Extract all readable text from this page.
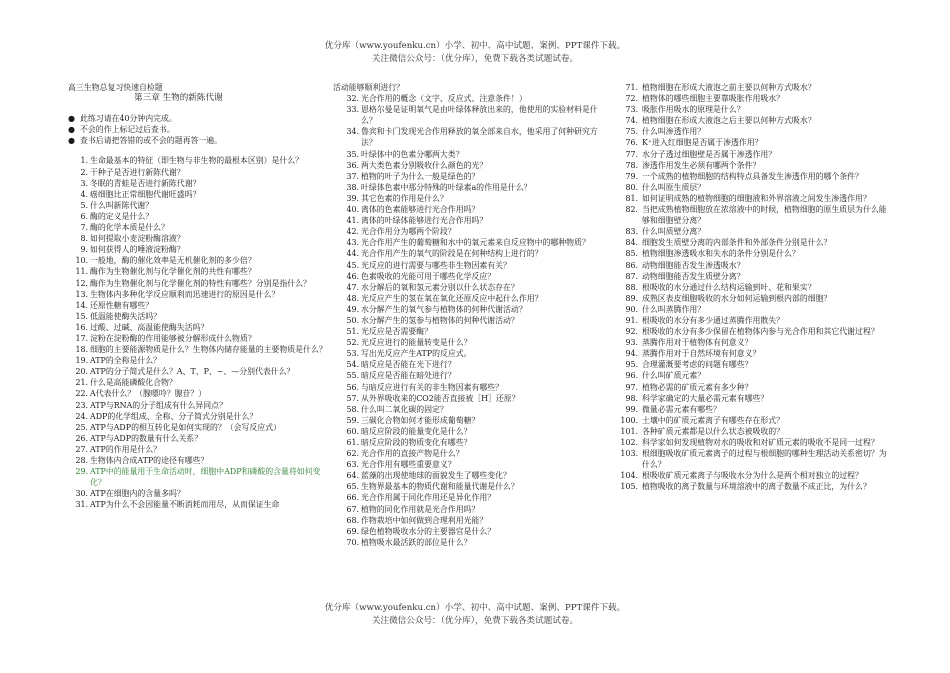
优分库（www.youfenku.cn）小学、初中、高中试题、案例、PPT课件下载。
关注微信公众号：（优分库），免费下载各类试题试卷。
高三生物总复习快速自检题
第三章 生物的新陈代谢
● 此练习请在40分钟内完成。
● 不会的作上标记过后查书。
● 查书后请把答错的或不会的题再答一遍。
1. 生命最基本的特征（即生物与非生物的最根本区别）是什么？
2. 干种子是否进行新陈代谢？
3. 冬眠的青蛙是否进行新陈代谢？
4. 癌细胞比正常细胞代谢旺盛吗？
5. 什么叫新陈代谢？
6. 酶的定义是什么？
7. 酶的化学本质是什么？
8. 如何提取小麦淀粉酶溶液？
9. 如何获得人的唾液淀粉酶？
10. 一般地，酶的催化效率是无机催化剂的多少倍？
11. 酶作为生物催化剂与化学催化剂的共性有哪些？
12. 酶作为生物催化剂与化学催化剂的特性有哪些？分别是指什么？
13. 生物体内多种化学反应顺利而迅速进行的原因是什么？
14. 还原性糖有哪些？
15. 低温能使酶失活吗？
16. 过酸、过碱、高温能使酶失活吗？
17. 淀粉在淀粉酶的作用能够被分解形成什么物质？
18. 细胞的主要能源物质是什么？生物体内储存能量的主要物质是什么？
19. ATP的全称是什么？
20. ATP的分子简式是什么？A、T、P、~、—分别代表什么？
21. 什么是高能磷酸化合物？
22. A代表什么？（腺嘌呤？腺苷？）
23. ATP与RNA的分子组成有什么异同点？
24. ADP的化学组成、全称、分子简式分别是什么？
25. ATP与ADP的相互转化是如何实现的？（会写反应式）
26. ATP与ADP的数量有什么关系？
27. ATP的作用是什么？
28. 生物体内合成ATP的途径有哪些？
29. ATP中的能量用于生命活动时，细胞中ADP和磷酸的含量将如何变化？
30. ATP在细胞内的含量多吗？
31. ATP为什么不会因能量不断消耗而用尽，从而保证生命
活动能够顺利进行？
32. 光合作用的概念（文字、反应式、注意条件！）
33. 恩格尔曼是证明氧气是由叶绿体释放出来的，他使用的实验材料是什么？
34. 鲁宾和卡门发现光合作用释放的氧全部来自水，他采用了何种研究方法？
35. 叶绿体中的色素分哪两大类？
36. 两大类色素分别吸收什么颜色的光？
37. 植物的叶子为什么一般是绿色的？
38. 叶绿体色素中那分特殊的叶绿素a的作用是什么？
39. 其它色素的作用是什么？
40. 离体的色素能够进行光合作用吗？
41. 离体的叶绿体能够进行光合作用吗？
42. 光合作用分为哪两个阶段？
43. 光合作用产生的葡萄糖和水中的氧元素来自反应物中的哪种物质？
44. 光合作用产生的氧气的阶段是在何种结构上进行的？
45. 光反应的进行需要与哪些非生物因素有关？
46. 色素吸收的光能可用于哪些化学反应？
47. 水分解后的氧和氢元素分别以什么状态存在？
48. 光反应产生的氢在氧在氧化还原反应中起什么作用？
49. 水分解产生的氧气参与植物体的何种代谢活动？
50. 水分解产生的氢参与植物体的何种代谢活动？
51. 光反应是否需要酶？
52. 光反应进行的能量转变是什么？
53. 写出光反应产生ATP的反应式。
54. 暗反应是否能在光下进行？
55. 暗反应是否能在暗处进行？
56. 与暗反应进行有关的非生物因素有哪些？
57. 从外界吸收来的CO2能否直接被［H］还原？
58. 什么叫二氧化碳的固定？
59. 三碳化合物如何才能形成葡萄糖？
60. 暗反应阶段的能量变化是什么？
61. 暗反应阶段的物质变化有哪些？
62. 光合作用的直接产物是什么？
63. 光合作用有哪些重要意义？
64. 蓝藻的出现使地球的面貌发生了哪些变化？
65. 生物界最基本的物质代谢和能量代谢是什么？
66. 光合作用属于同化作用还是异化作用？
67. 植物的同化作用就是光合作用吗？
68. 作物栽培中如何做到合理利用光能？
69. 绿色植物吸收水分的主要器官是什么？
70. 植物吸水最活跃的部位是什么？
71. 植物细胞在形成大液泡之前主要以何种方式吸水？
72. 植物体的哪些细胞主要靠吸胀作用吸水？
73. 吸胀作用吸水的原理是什么？
74. 植物细胞在形成大液泡之后主要以何种方式吸水？
75. 什么叫渗透作用？
76. K⁺进入红细胞是否属于渗透作用？
77. 水分子透过细胞壁是否属于渗透作用？
78. 渗透作用发生必须有哪两个条件？
79. 一个成熟的植物细胞的结构特点具备发生渗透作用的哪个条件？
80. 什么叫原生质层？
81. 如何证明成熟的植物细胞的细胞液和外界溶液之间发生渗透作用？
82. 当把成熟植物细胞放在浓溶液中的时候，植物细胞的原生质层为什么能够和细胞壁分离？
83. 什么叫质壁分离？
84. 细胞发生质壁分离的内部条件和外部条件分别是什么？
85. 植物细胞渗透吸水和失水的条件分别是什么？
86. 动物细胞能否发生渗透吸水？
87. 动物细胞能否发生质壁分离？
88. 根吸收的水分通过什么结构运输到叶、花和果实？
89. 成熟区表皮细胞吸收的水分如何运输到根内部的细胞？
90. 什么叫蒸腾作用？
91. 根吸收的水分有多少通过蒸腾作用散失？
92. 根吸收的水分有多少保留在植物体内参与光合作用和其它代谢过程？
93. 蒸腾作用对于植物体有何意义？
94. 蒸腾作用对于自然环境有何意义？
95. 合理灌溉要考虑的问题有哪些？
96. 什么叫矿质元素？
97. 植物必需的矿质元素有多少种？
98. 科学家确定的大量必需元素有哪些？
99. 微量必需元素有哪些？
100. 土壤中的矿质元素离子有哪些存在形式？
101. 各种矿质元素都是以什么状态被吸收的？
102. 科学家如何发现植物对水的吸收和对矿质元素的吸收不是同一过程？
103. 根细胞吸收矿质元素离子的过程与根细胞的哪种生理活动关系密切？为什么？
104. 根吸收矿质元素离子与吸收水分为什么是两个相对独立的过程？
105. 植物吸收的离子数量与环境溶液中的离子数量不成正比，为什么？
优分库（www.youfenku.cn）小学、初中、高中试题、案例、PPT课件下载。
关注微信公众号：（优分库），免费下载各类试题试卷。
